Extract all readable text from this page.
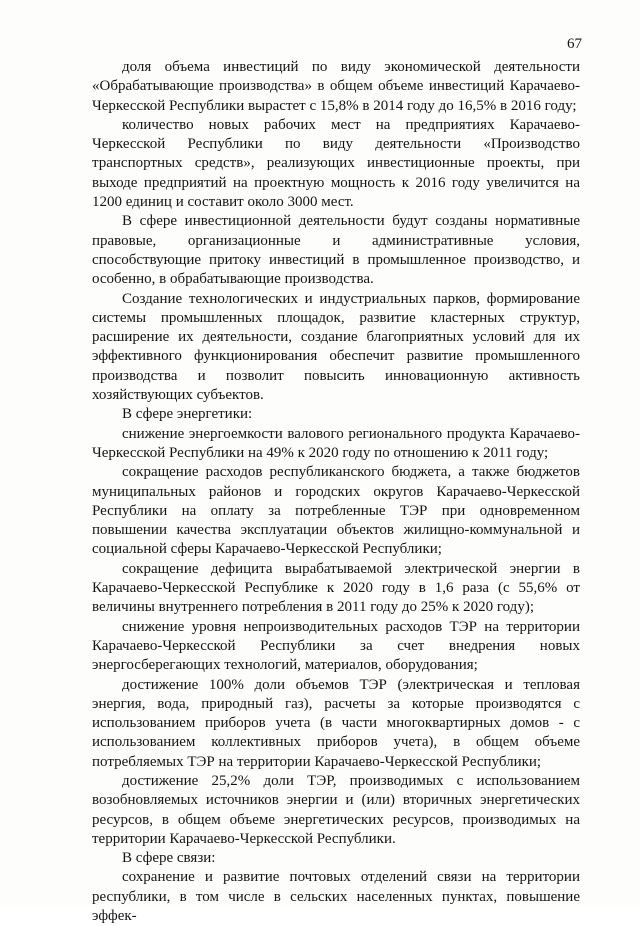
67

доля объема инвестиций по виду экономической деятельности «Обрабатывающие производства» в общем объеме инвестиций Карачаево-Черкесской Республики вырастет с 15,8% в 2014 году до 16,5% в 2016 году;

количество новых рабочих мест на предприятиях Карачаево-Черкесской Республики по виду деятельности «Производство транспортных средств», реализующих инвестиционные проекты, при выходе предприятий на проектную мощность к 2016 году увеличится на 1200 единиц и составит около 3000 мест.

В сфере инвестиционной деятельности будут созданы нормативные правовые, организационные и административные условия, способствующие притоку инвестиций в промышленное производство, и особенно, в обрабатывающие производства.

Создание технологических и индустриальных парков, формирование системы промышленных площадок, развитие кластерных структур, расширение их деятельности, создание благоприятных условий для их эффективного функционирования обеспечит развитие промышленного производства и позволит повысить инновационную активность хозяйствующих субъектов.

В сфере энергетики:

снижение энергоемкости валового регионального продукта Карачаево-Черкесской Республики на 49% к 2020 году по отношению к 2011 году;

сокращение расходов республиканского бюджета, а также бюджетов муниципальных районов и городских округов Карачаево-Черкесской Республики на оплату за потребленные ТЭР при одновременном повышении качества эксплуатации объектов жилищно-коммунальной и социальной сферы Карачаево-Черкесской Республики;

сокращение дефицита вырабатываемой электрической энергии в Карачаево-Черкесской Республике к 2020 году в 1,6 раза (с 55,6% от величины внутреннего потребления в 2011 году до 25% к 2020 году);

снижение уровня непроизводительных расходов ТЭР на территории Карачаево-Черкесской Республики за счет внедрения новых энергосберегающих технологий, материалов, оборудования;

достижение 100% доли объемов ТЭР (электрическая и тепловая энергия, вода, природный газ), расчеты за которые производятся с использованием приборов учета (в части многоквартирных домов - с использованием коллективных приборов учета), в общем объеме потребляемых ТЭР на территории Карачаево-Черкесской Республики;

достижение 25,2% доли ТЭР, производимых с использованием возобновляемых источников энергии и (или) вторичных энергетических ресурсов, в общем объеме энергетических ресурсов, производимых на территории Карачаево-Черкесской Республики.

В сфере связи:

сохранение и развитие почтовых отделений связи на территории республики, в том числе в сельских населенных пунктах, повышение эффек-
